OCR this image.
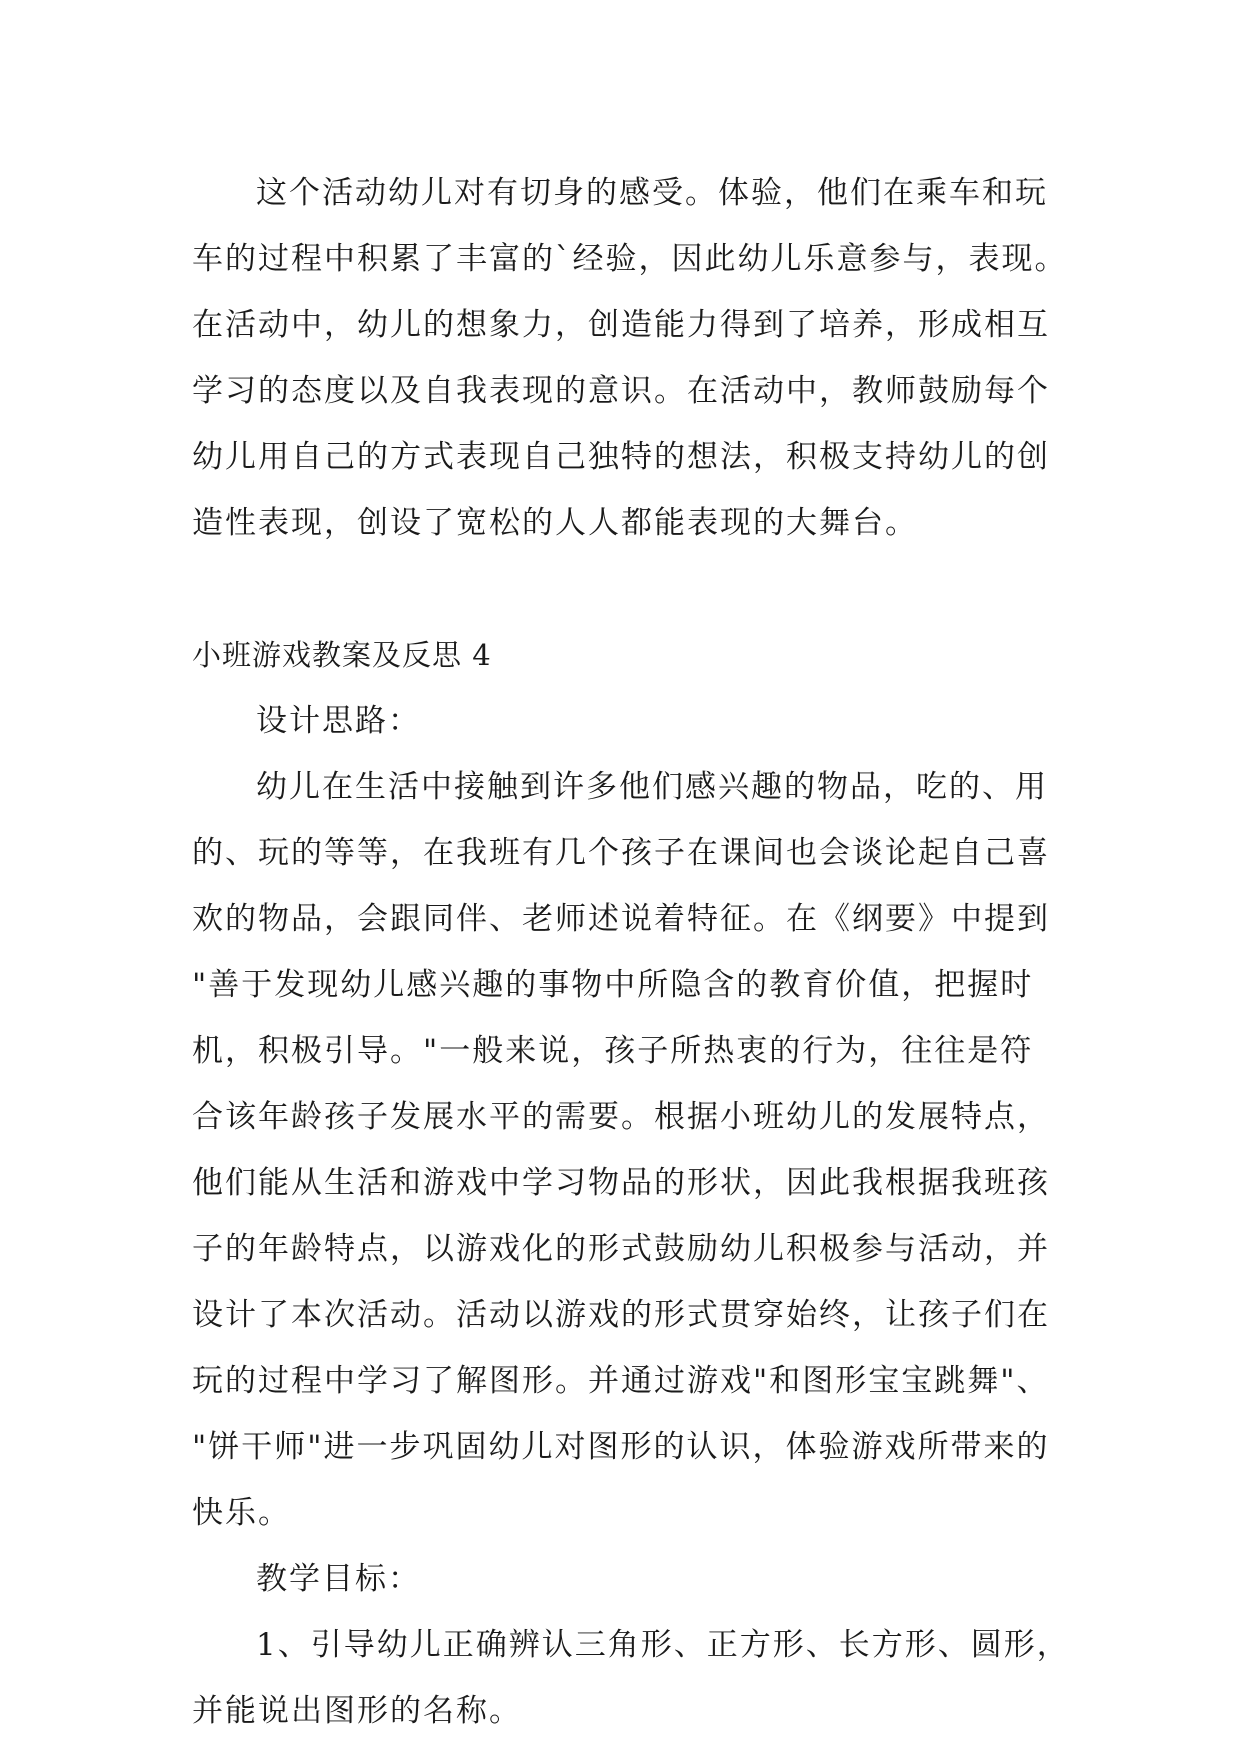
这个活动幼儿对有切身的感受。体验，他们在乘车和玩
车的过程中积累了丰富的`经验，因此幼儿乐意参与，表现。
在活动中，幼儿的想象力，创造能力得到了培养，形成相互
学习的态度以及自我表现的意识。在活动中，教师鼓励每个
幼儿用自己的方式表现自己独特的想法，积极支持幼儿的创
造性表现，创设了宽松的人人都能表现的大舞台。
小班游戏教案及反思 4
设计思路：
幼儿在生活中接触到许多他们感兴趣的物品，吃的、用
的、玩的等等，在我班有几个孩子在课间也会谈论起自己喜
欢的物品，会跟同伴、老师述说着特征。在《纲要》中提到
"善于发现幼儿感兴趣的事物中所隐含的教育价值，把握时
机，积极引导。"一般来说，孩子所热衷的行为，往往是符
合该年龄孩子发展水平的需要。根据小班幼儿的发展特点，
他们能从生活和游戏中学习物品的形状，因此我根据我班孩
子的年龄特点，以游戏化的形式鼓励幼儿积极参与活动，并
设计了本次活动。活动以游戏的形式贯穿始终，让孩子们在
玩的过程中学习了解图形。并通过游戏"和图形宝宝跳舞"、
"饼干师"进一步巩固幼儿对图形的认识，体验游戏所带来的
快乐。
教学目标：
1、引导幼儿正确辨认三角形、正方形、长方形、圆形，
并能说出图形的名称。
